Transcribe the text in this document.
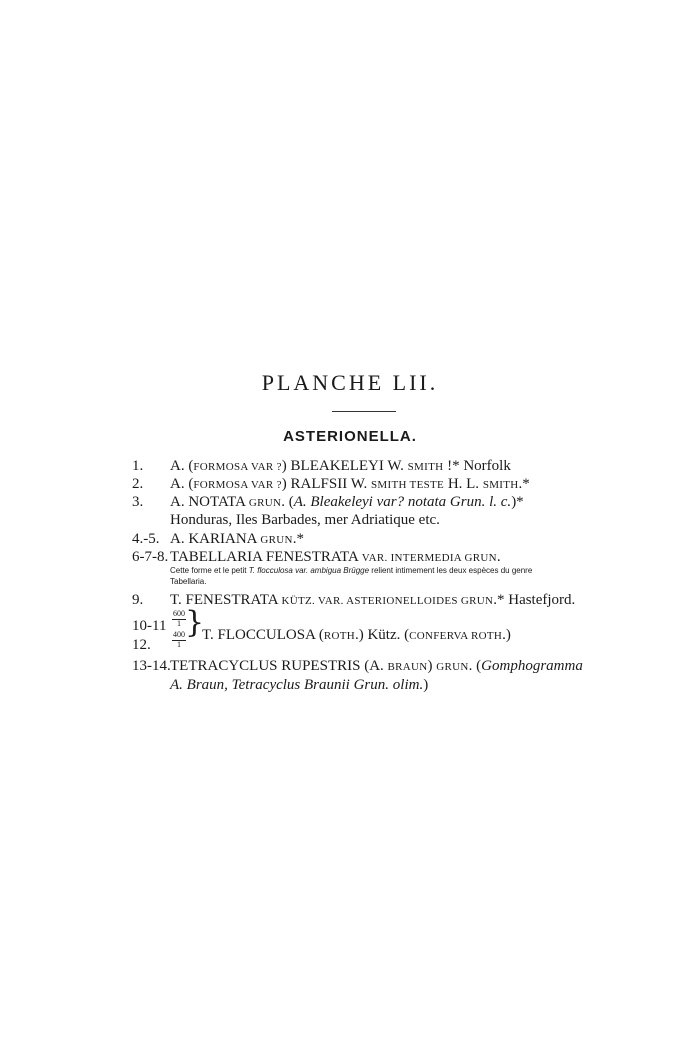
PLANCHE LII.
ASTERIONELLA.
1. A. (FORMOSA VAR ?) BLEAKELEYI W. SMITH !* Norfolk
2. A. (FORMOSA VAR ?) RALFSII W. SMITH TESTE H. L. SMITH.*
3. A. NOTATA GRUN. (A. Bleakeleyi var? notata Grun. l. c.)*
Honduras, Iles Barbades, mer Adriatique etc.
4.-5. A. KARIANA GRUN.*
6-7-8. TABELLARIA FENESTRATA VAR. INTERMEDIA GRUN.
Cette forme et le petit T. flocculosa var. ambigua Brügge relient intimement les deux espèces du genre
Tabellaria.
9. T. FENESTRATA KÜTZ. VAR. ASTERIONELLOIDES GRUN.* Hastefjord.
10-11
12.
600
1
400
1
}
T. FLOCCULOSA (ROTH.) Kütz. (CONFERVA ROTH.)
13-14. TETRACYCLUS RUPESTRIS (A. BRAUN) GRUN. (Gomphogramma
A. Braun, Tetracyclus Braunii Grun. olim.)
